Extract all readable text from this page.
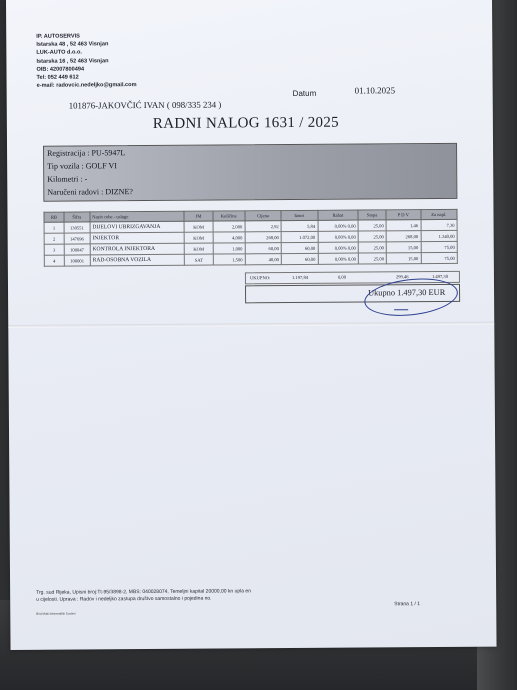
IP. AUTOSERVIS
Istarska 48 , 52 463 Visnjan
LUK-AUTO d.o.o.
Istarska 16 , 52 463 Visnjan
OIB: 42007800494
Tel: 052 449 612
e-mail: radovcic.nedeljko@gmail.com
Datum	01.10.2025
101876-JAKOVČIĆ IVAN ( 098/335 234 )
RADNI NALOG 1631 / 2025
Registracija : PU-5947L
Tip vozila : GOLF VI
Kilometri : -
Naručeni radovi : DIZNE?
RB	Šifra	Naziv robe - usluge	JM	Količina	Cijena	Iznos	Rabat	Stopa	P D V	Za napl.
1	130551	DIJELOVI UBRIZGAVANJA	KOM	2,000	2,92	5,84	0,00% 0,00	25,00	1,46	7,30
2	147696	INJEKTOR	KOM	4,000	268,00	1.072,00	0,00% 0,00	25,00	268,00	1.340,00
3	100047	KONTROLA INJEKTORA	KOM	1,000	60,00	60,00	0,00% 0,00	25,00	15,00	75,00
4	100001	RAD-OSOBNA VOZILA	SAT	1,500	40,00	60,00	0,00% 0,00	25,00	15,00	75,00
UKUPNO:	1.197,84	0,00	299,46	1.497,30
Ukupno 1.497,30 EUR
Trg. sud Rijeka, Upisni broj:Tt-95/3898-2, MBS: 040028074, Temeljni kapital 20000,00 kn upla en
u cijelosti. Uprava : Radov i nedeljko zastupa društvo samostalno i pojedina no.
Bird Multi Informatički Sustavi
Strana 1 / 1
